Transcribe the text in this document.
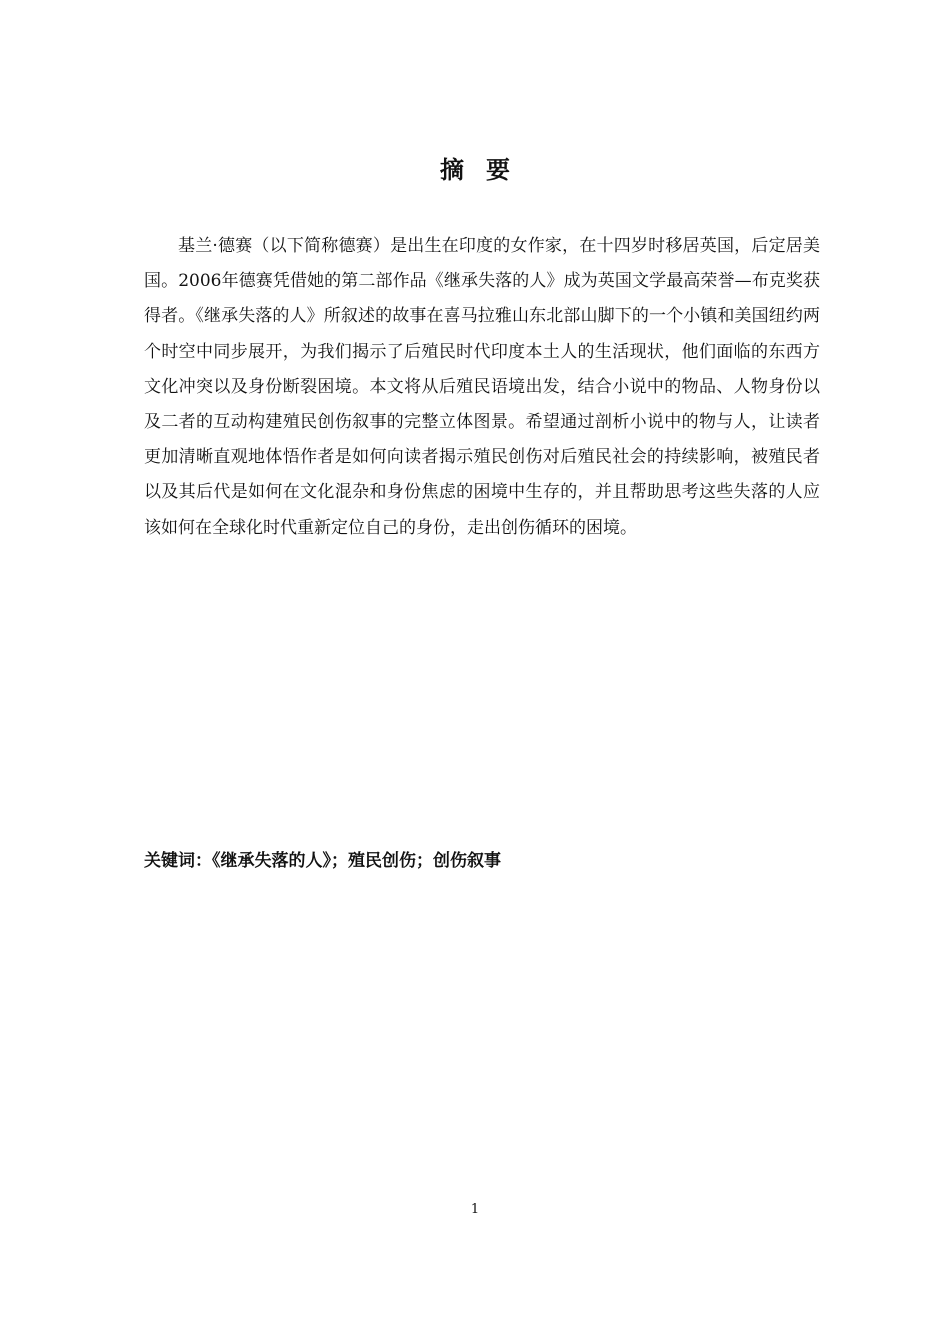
摘要

基兰·德赛（以下简称德赛）是出生在印度的女作家，在十四岁时移居英国，后定居美国。2006年德赛凭借她的第二部作品《继承失落的人》成为英国文学最高荣誉—布克奖获得者。《继承失落的人》所叙述的故事在喜马拉雅山东北部山脚下的一个小镇和美国纽约两个时空中同步展开，为我们揭示了后殖民时代印度本土人的生活现状，他们面临的东西方文化冲突以及身份断裂困境。本文将从后殖民语境出发，结合小说中的物品、人物身份以及二者的互动构建殖民创伤叙事的完整立体图景。希望通过剖析小说中的物与人，让读者更加清晰直观地体悟作者是如何向读者揭示殖民创伤对后殖民社会的持续影响，被殖民者以及其后代是如何在文化混杂和身份焦虑的困境中生存的，并且帮助思考这些失落的人应该如何在全球化时代重新定位自己的身份，走出创伤循环的困境。

关键词：《继承失落的人》；殖民创伤；创伤叙事

1
